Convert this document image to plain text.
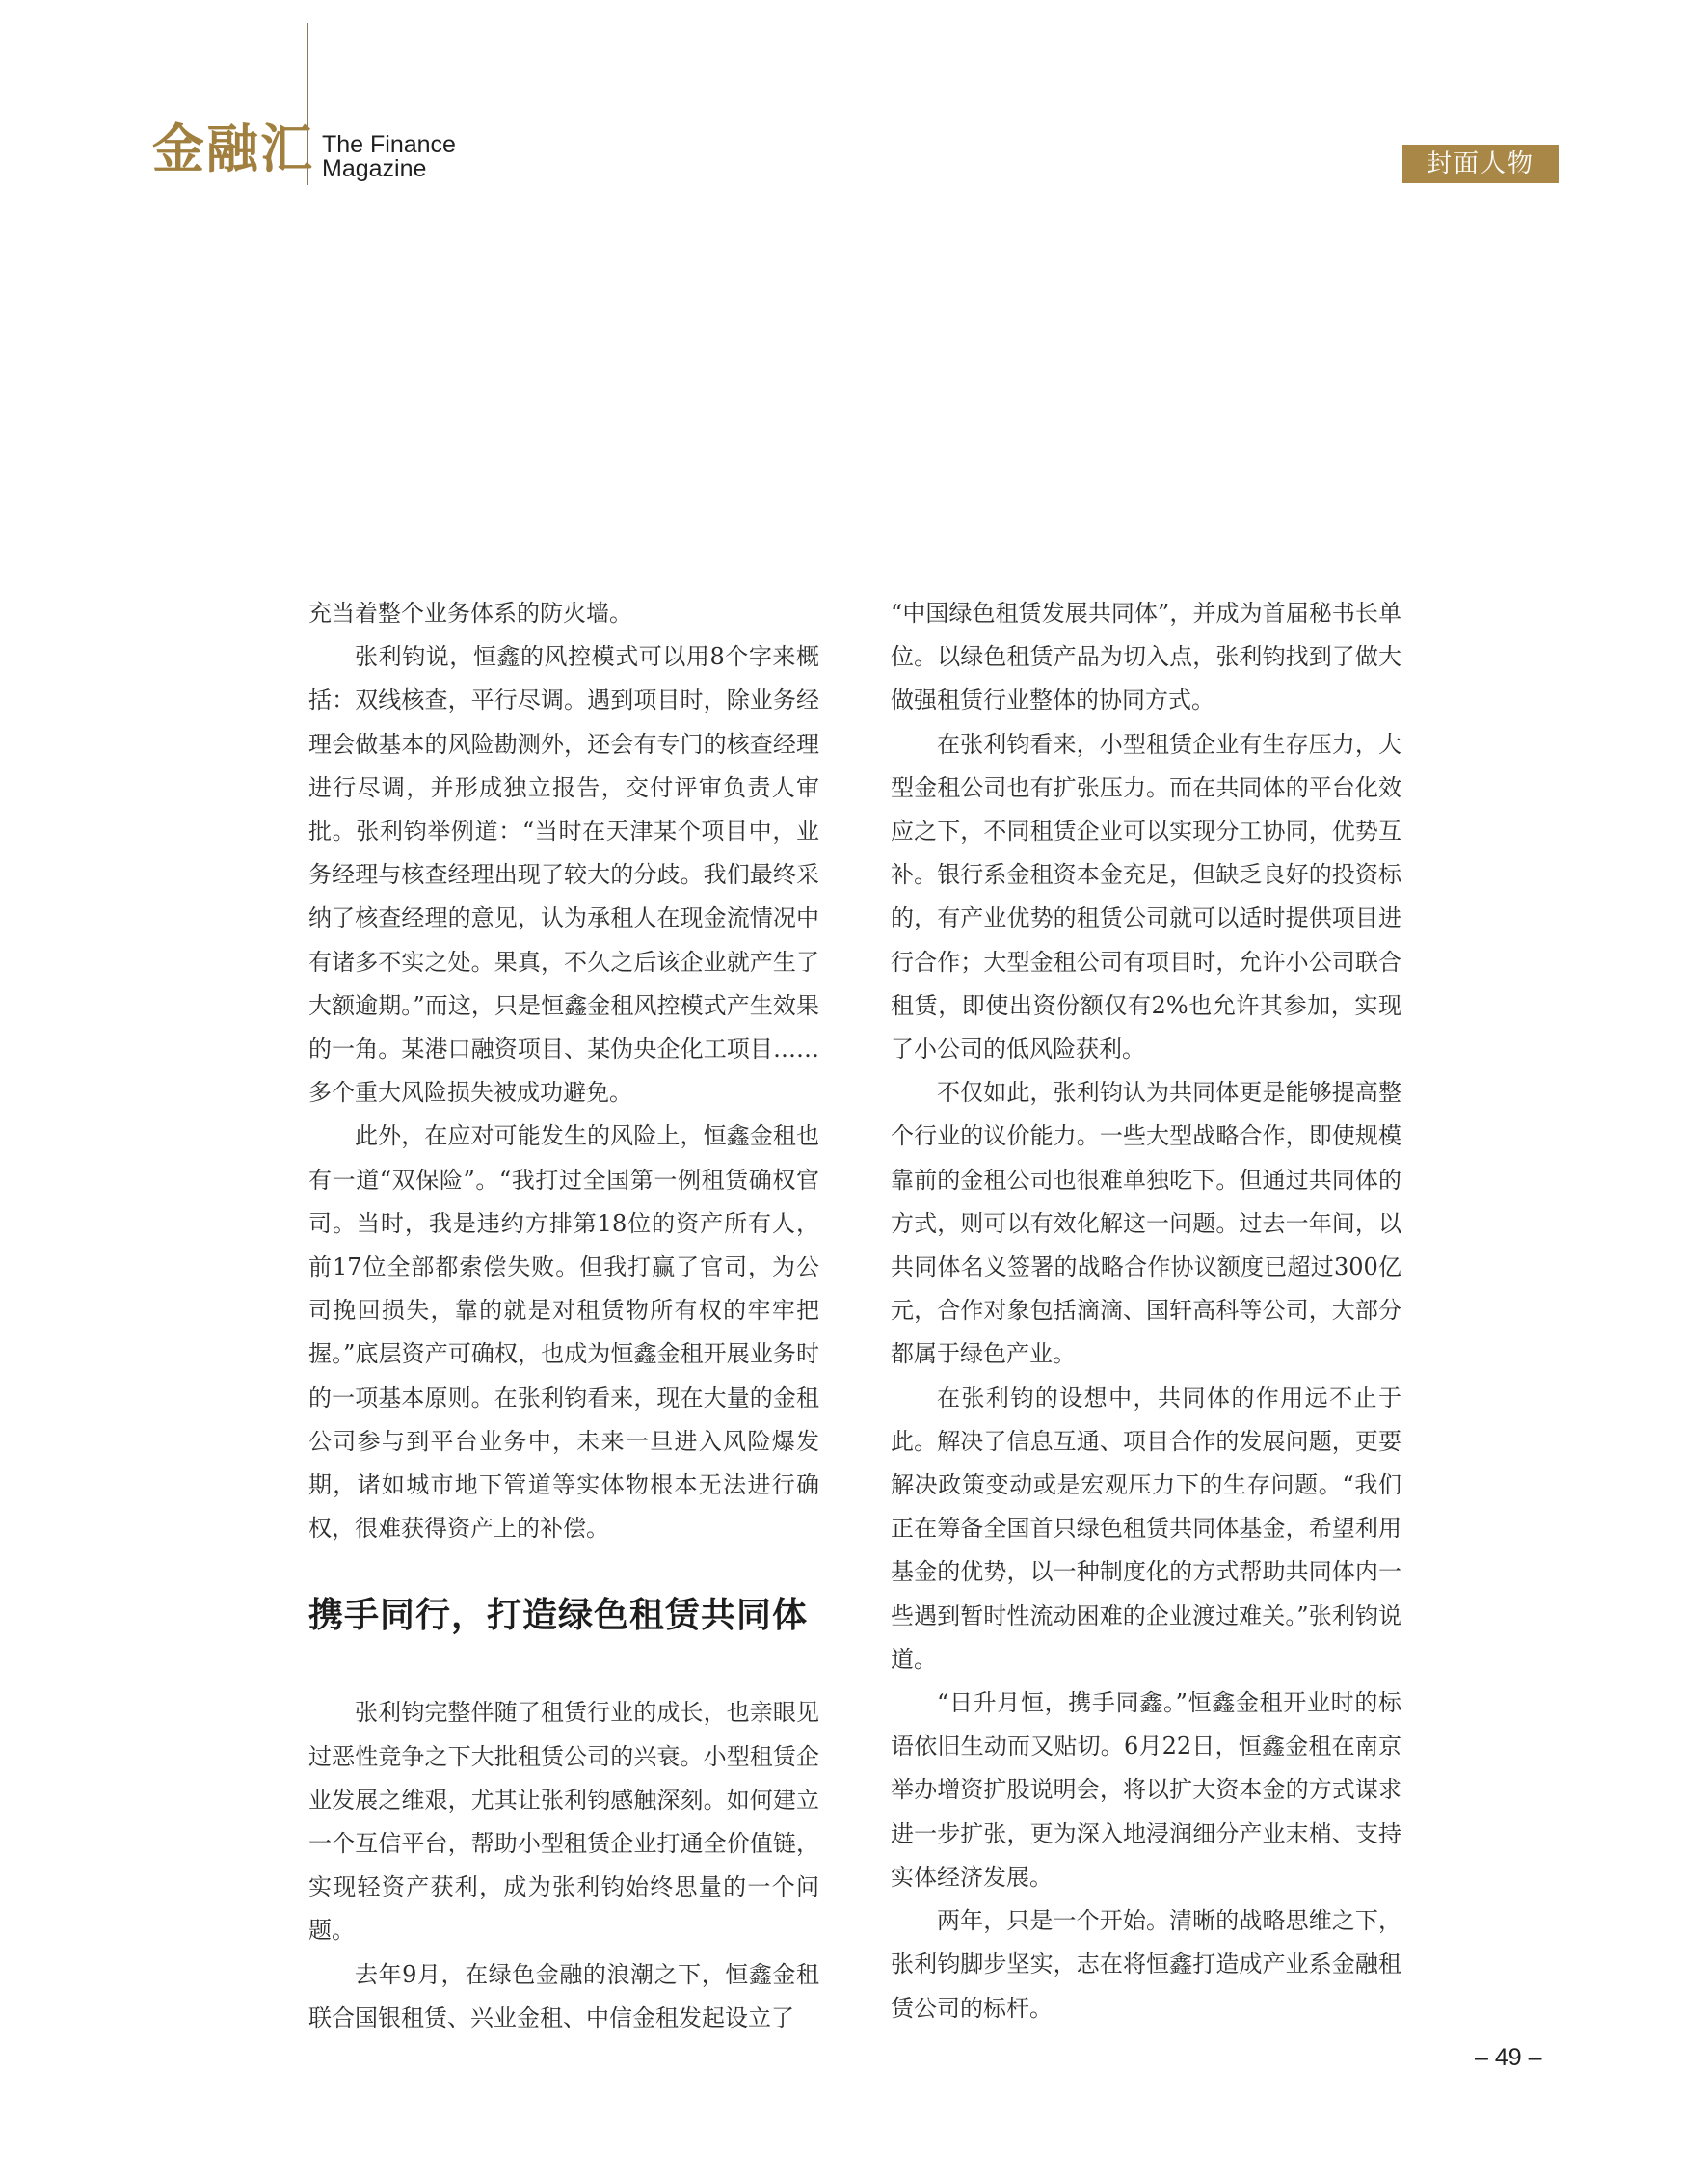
金融汇 The Finance
Magazine	封面人物

充当着整个业务体系的防火墙。

张利钧说，恒鑫的风控模式可以用8个字来概括：双线核查，平行尽调。遇到项目时，除业务经理会做基本的风险勘测外，还会有专门的核查经理进行尽调，并形成独立报告，交付评审负责人审批。张利钧举例道：“当时在天津某个项目中，业务经理与核查经理出现了较大的分歧。我们最终采纳了核查经理的意见，认为承租人在现金流情况中有诸多不实之处。果真，不久之后该企业就产生了大额逾期。”而这，只是恒鑫金租风控模式产生效果的一角。某港口融资项目、某伪央企化工项目……多个重大风险损失被成功避免。

此外，在应对可能发生的风险上，恒鑫金租也有一道“双保险”。“我打过全国第一例租赁确权官司。当时，我是违约方排第18位的资产所有人，前17位全部都索偿失败。但我打赢了官司，为公司挽回损失，靠的就是对租赁物所有权的牢牢把握。”底层资产可确权，也成为恒鑫金租开展业务时的一项基本原则。在张利钧看来，现在大量的金租公司参与到平台业务中，未来一旦进入风险爆发期，诸如城市地下管道等实体物根本无法进行确权，很难获得资产上的补偿。

携手同行，打造绿色租赁共同体

张利钧完整伴随了租赁行业的成长，也亲眼见过恶性竞争之下大批租赁公司的兴衰。小型租赁企业发展之维艰，尤其让张利钧感触深刻。如何建立一个互信平台，帮助小型租赁企业打通全价值链，实现轻资产获利，成为张利钧始终思量的一个问题。

去年9月，在绿色金融的浪潮之下，恒鑫金租联合国银租赁、兴业金租、中信金租发起设立了

“中国绿色租赁发展共同体”，并成为首届秘书长单位。以绿色租赁产品为切入点，张利钧找到了做大做强租赁行业整体的协同方式。

在张利钧看来，小型租赁企业有生存压力，大型金租公司也有扩张压力。而在共同体的平台化效应之下，不同租赁企业可以实现分工协同，优势互补。银行系金租资本金充足，但缺乏良好的投资标的，有产业优势的租赁公司就可以适时提供项目进行合作；大型金租公司有项目时，允许小公司联合租赁，即使出资份额仅有2%也允许其参加，实现了小公司的低风险获利。

不仅如此，张利钧认为共同体更是能够提高整个行业的议价能力。一些大型战略合作，即使规模靠前的金租公司也很难单独吃下。但通过共同体的方式，则可以有效化解这一问题。过去一年间，以共同体名义签署的战略合作协议额度已超过300亿元，合作对象包括滴滴、国轩高科等公司，大部分都属于绿色产业。

在张利钧的设想中，共同体的作用远不止于此。解决了信息互通、项目合作的发展问题，更要解决政策变动或是宏观压力下的生存问题。“我们正在筹备全国首只绿色租赁共同体基金，希望利用基金的优势，以一种制度化的方式帮助共同体内一些遇到暂时性流动困难的企业渡过难关。”张利钧说道。

“日升月恒，携手同鑫。”恒鑫金租开业时的标语依旧生动而又贴切。6月22日，恒鑫金租在南京举办增资扩股说明会，将以扩大资本金的方式谋求进一步扩张，更为深入地浸润细分产业末梢、支持实体经济发展。

两年，只是一个开始。清晰的战略思维之下，张利钧脚步坚实，志在将恒鑫打造成产业系金融租赁公司的标杆。

– 49 –
